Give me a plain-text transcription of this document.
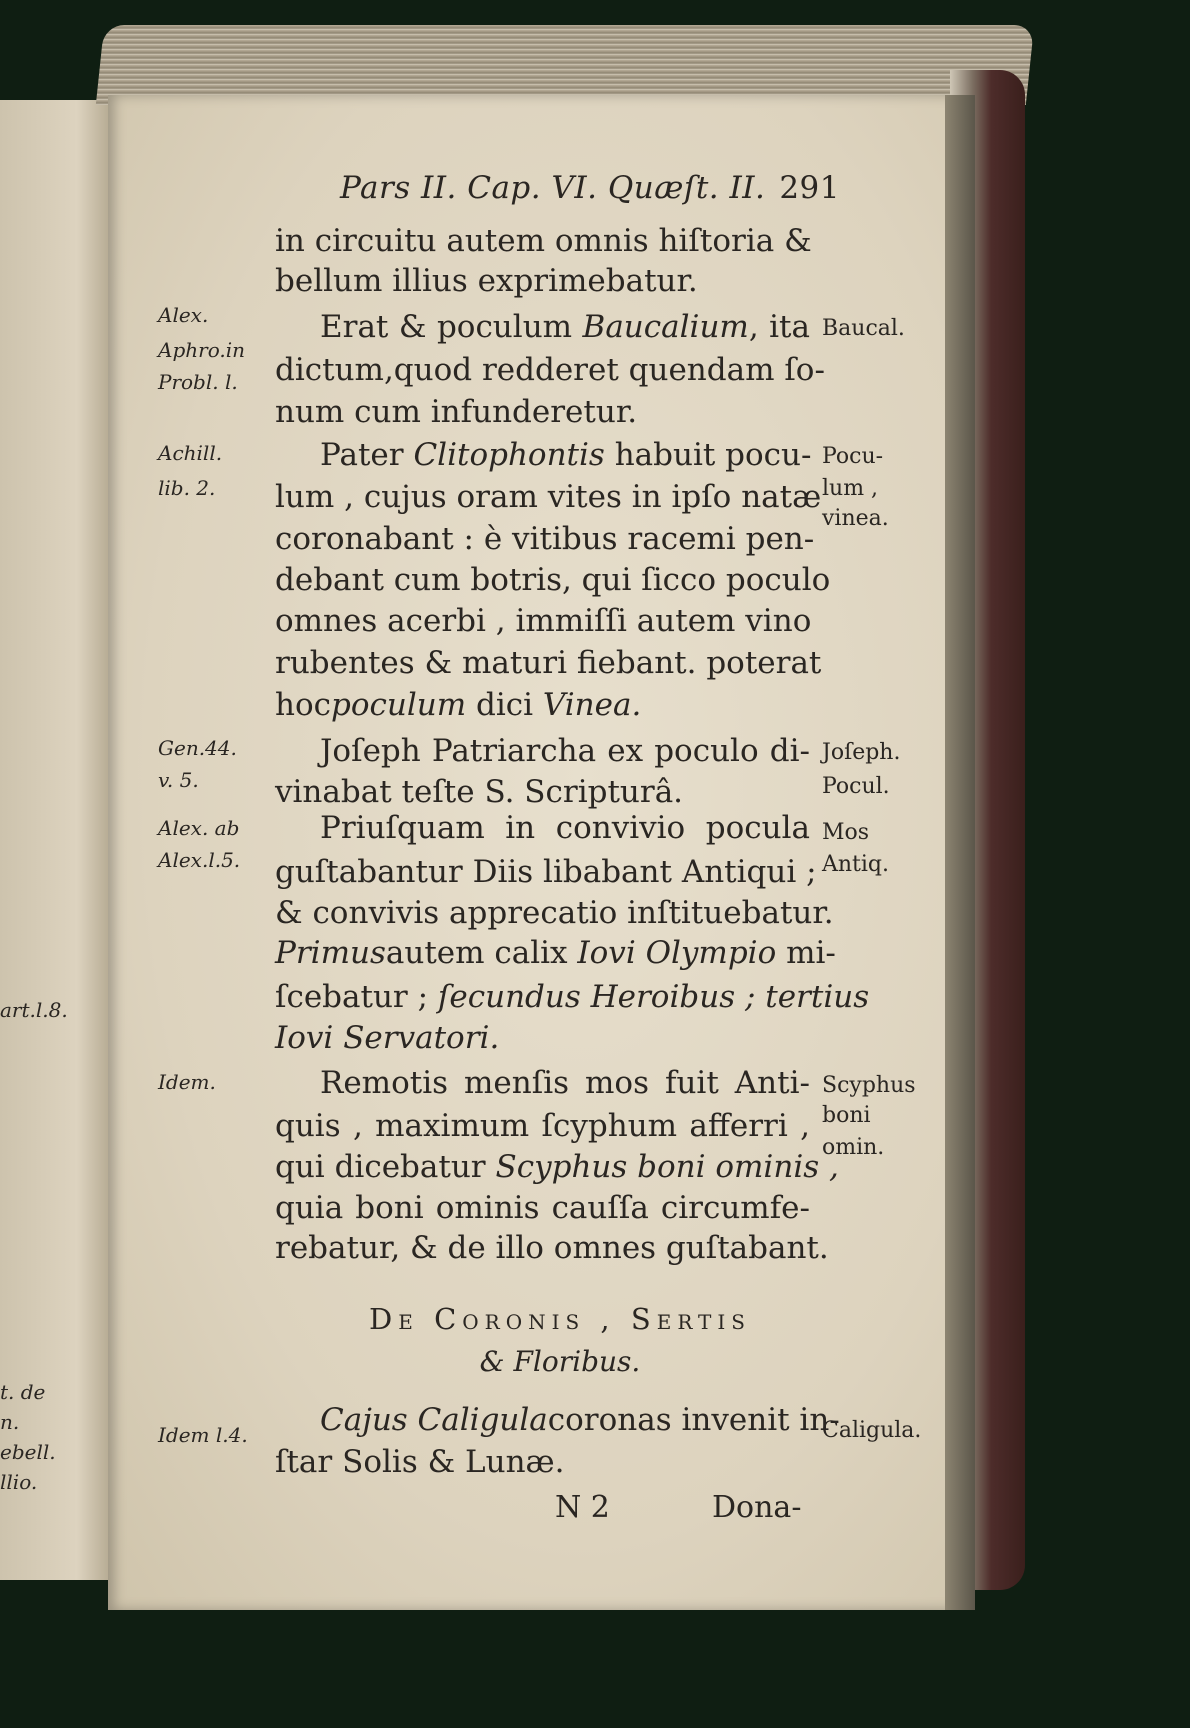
art.l.8.
t. de
n.
ebell.
llio.
Pars II. Cap. VI. Quæſt. II. 291
in circuitu autem omnis hiſtoria &
bellum illius exprimebatur.
Erat & poculum Baucalium, ita
dictum,quod redderet quendam ſo-
num cum infunderetur.
Pater Clitophontis habuit pocu-
lum , cujus oram vites in ipſo natæ
coronabant : è vitibus racemi pen-
debant cum botris, qui ſicco poculo
omnes acerbi , immiſſi autem vino
rubentes & maturi fiebant. poterat
hocpoculum dici Vinea.
Joſeph Patriarcha ex poculo di-
vinabat teſte S. Scripturâ.
Priuſquam in convivio pocula
guſtabantur Diis libabant Antiqui ;
& convivis apprecatio inſtituebatur.
Primusautem calix Iovi Olympio mi-
ſcebatur ; ſecundus Heroibus ; tertius
Iovi Servatori.
Remotis menſis mos fuit Anti-
quis , maximum ſcyphum afferri ,
qui dicebatur Scyphus boni ominis ,
quia boni ominis cauſſa circumfe-
rebatur, & de illo omnes guſtabant.
De Coronis , Sertis
& Floribus.
Cajus Caligulacoronas invenit in-
ſtar Solis & Lunæ.
Alex.
Aphro.in
Probl. l.
Achill.
lib. 2.
Gen.44.
v. 5.
Alex. ab
Alex.l.5.
Idem.
Idem l.4.
Baucal.
Pocu-
lum ,
vinea.
Joſeph.
Pocul.
Mos
Antiq.
Scyphus
boni
omin.
Caligula.
N 2	Dona-
